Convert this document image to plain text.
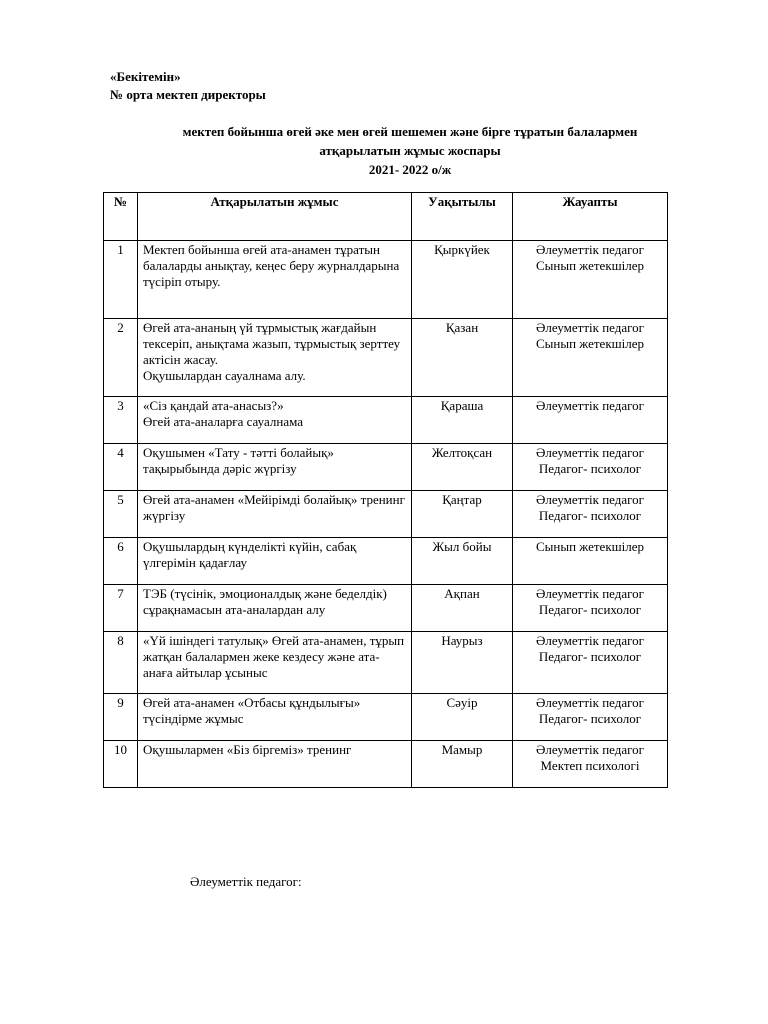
«Бекітемін»
№ орта мектеп директоры
мектеп бойынша өгей әке мен өгей шешемен және бірге тұратын балалармен
атқарылатын жұмыс жоспары
2021- 2022 о/ж
№	Атқарылатын жұмыс	Уақытылы	Жауапты
1	Мектеп бойынша өгей ата-анамен тұратын балаларды анықтау, кеңес беру журналдарына түсіріп отыру.	Қыркүйек	Әлеуметтік педагог
Сынып жетекшілер
2	Өгей ата-ананың үй тұрмыстық жағдайын тексеріп, анықтама жазып, тұрмыстық зерттеу актісін жасау.
Оқушылардан сауалнама алу.	Қазан	Әлеуметтік педагог
Сынып жетекшілер
3	«Сіз қандай ата-анасыз?»
Өгей ата-аналарға сауалнама	Қараша	Әлеуметтік педагог
4	Оқушымен «Тату - тәтті болайық» тақырыбында дәріс жүргізу	Желтоқсан	Әлеуметтік педагог
Педагог- психолог
5	Өгей ата-анамен «Мейірімді болайық» тренинг жүргізу	Қаңтар	Әлеуметтік педагог
Педагог- психолог
6	Оқушылардың күнделікті күйін, сабақ үлгерімін қадағлау	Жыл бойы	Сынып жетекшілер
7	ТЭБ (түсінік, эмоционалдық және беделдік) сұрақнамасын ата-аналардан алу	Ақпан	Әлеуметтік педагог
Педагог- психолог
8	«Үй ішіндегі татулық» Өгей ата-анамен, тұрып жатқан балалармен жеке кездесу және ата-анаға айтылар ұсыныс	Наурыз	Әлеуметтік педагог
Педагог- психолог
9	Өгей ата-анамен «Отбасы құндылығы» түсіндірме жұмыс	Сәуір	Әлеуметтік педагог
Педагог- психолог
10	Оқушылармен «Біз біргеміз» тренинг	Мамыр	Әлеуметтік педагог
Мектеп психологі
Әлеуметтік педагог:
